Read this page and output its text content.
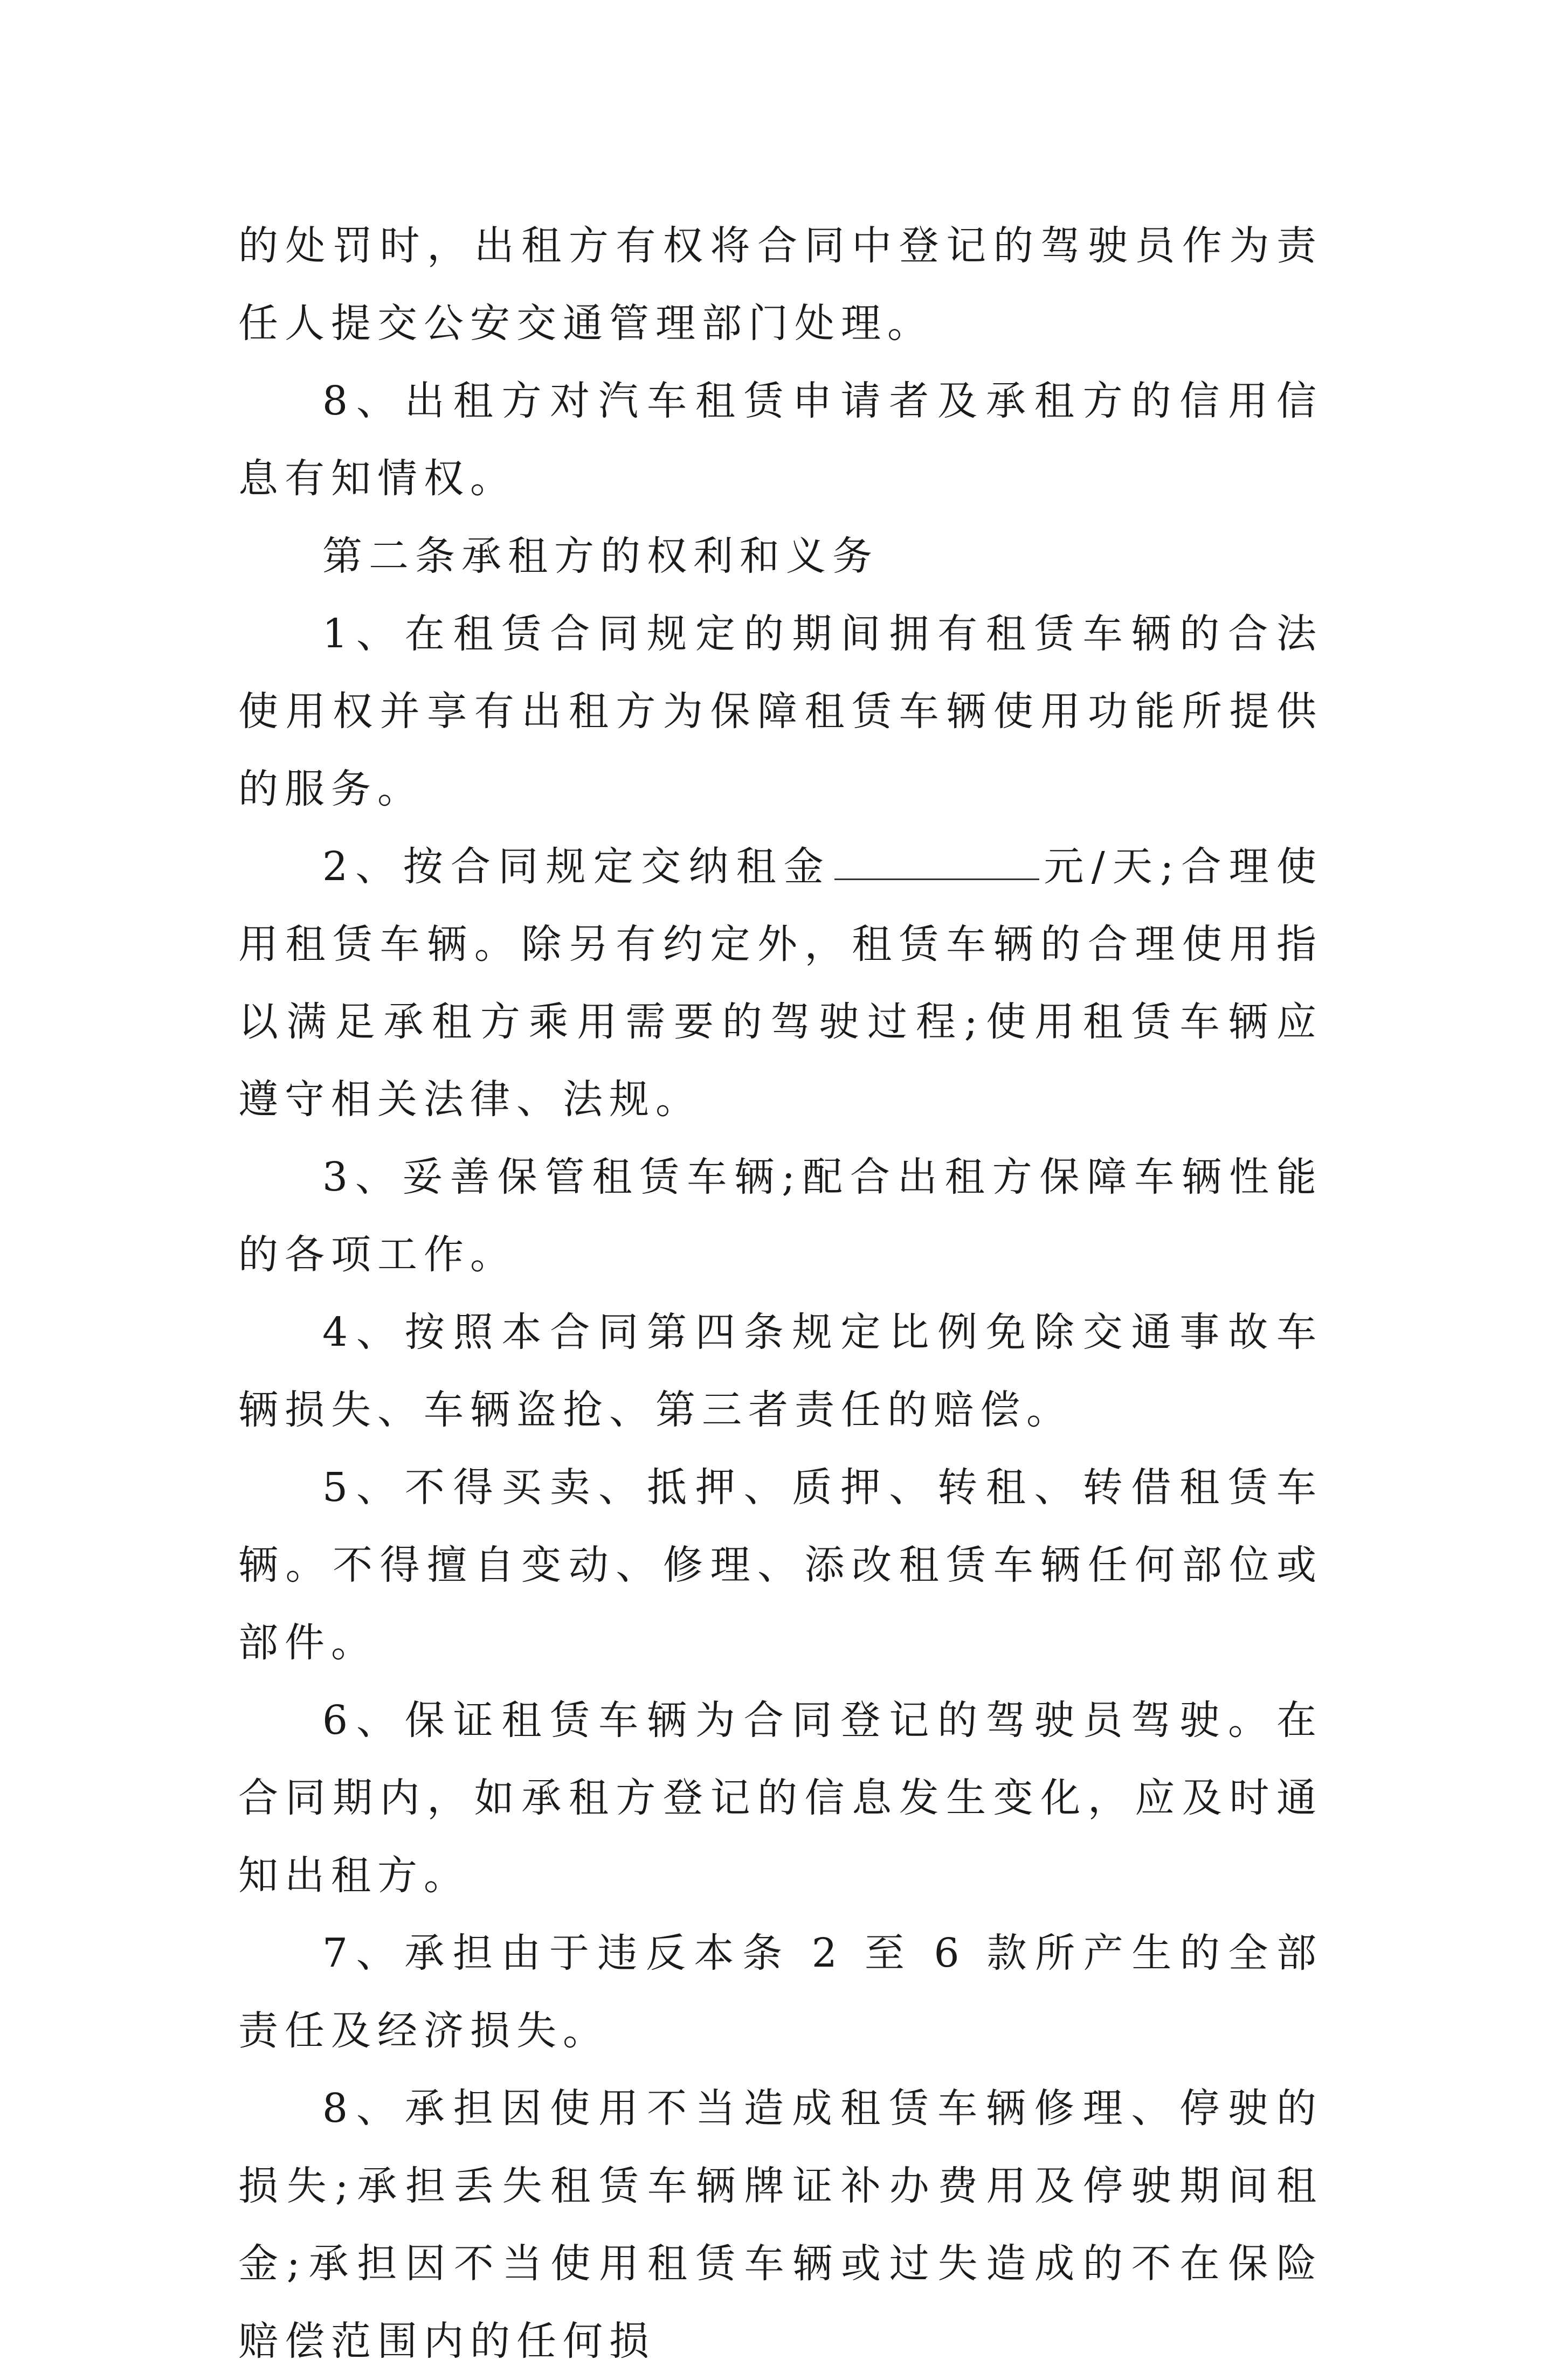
的处罚时，出租方有权将合同中登记的驾驶员作为责任人提交公安交通管理部门处理。

8、出租方对汽车租赁申请者及承租方的信用信息有知情权。

第二条承租方的权利和义务

1、在租赁合同规定的期间拥有租赁车辆的合法使用权并享有出租方为保障租赁车辆使用功能所提供的服务。

2、按合同规定交纳租金	元/天;合理使用租赁车辆。除另有约定外，租赁车辆的合理使用指以满足承租方乘用需要的驾驶过程;使用租赁车辆应遵守相关法律、法规。

3、妥善保管租赁车辆;配合出租方保障车辆性能的各项工作。

4、按照本合同第四条规定比例免除交通事故车辆损失、车辆盗抢、第三者责任的赔偿。

5、不得买卖、抵押、质押、转租、转借租赁车辆。不得擅自变动、修理、添改租赁车辆任何部位或部件。

6、保证租赁车辆为合同登记的驾驶员驾驶。在合同期内，如承租方登记的信息发生变化，应及时通知出租方。

7、承担由于违反本条 2 至 6 款所产生的全部责任及经济损失。

8、承担因使用不当造成租赁车辆修理、停驶的损失;承担丢失租赁车辆牌证补办费用及停驶期间租金;承担因不当使用租赁车辆或过失造成的不在保险赔偿范围内的任何损
